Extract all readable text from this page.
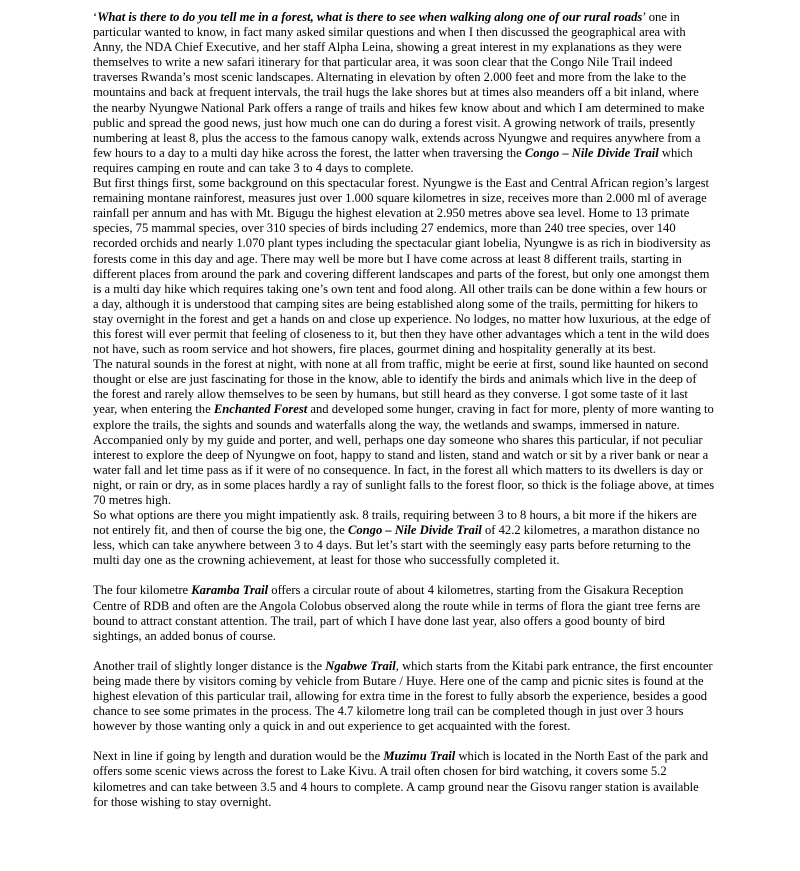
‘What is there to do you tell me in a forest, what is there to see when walking along one of our rural roads’ one in particular wanted to know, in fact many asked similar questions and when I then discussed the geographical area with Anny, the NDA Chief Executive, and her staff Alpha Leina, showing a great interest in my explanations as they were themselves to write a new safari itinerary for that particular area, it was soon clear that the Congo Nile Trail indeed traverses Rwanda’s most scenic landscapes. Alternating in elevation by often 2.000 feet and more from the lake to the mountains and back at frequent intervals, the trail hugs the lake shores but at times also meanders off a bit inland, where the nearby Nyungwe National Park offers a range of trails and hikes few know about and which I am determined to make public and spread the good news, just how much one can do during a forest visit. A growing network of trails, presently numbering at least 8, plus the access to the famous canopy walk, extends across Nyungwe and requires anywhere from a few hours to a day to a multi day hike across the forest, the latter when traversing the Congo – Nile Divide Trail which requires camping en route and can take 3 to 4 days to complete.

But first things first, some background on this spectacular forest. Nyungwe is the East and Central African region’s largest remaining montane rainforest, measures just over 1.000 square kilometres in size, receives more than 2.000 ml of average rainfall per annum and has with Mt. Bigugu the highest elevation at 2.950 metres above sea level. Home to 13 primate species, 75 mammal species, over 310 species of birds including 27 endemics, more than 240 tree species, over 140 recorded orchids and nearly 1.070 plant types including the spectacular giant lobelia, Nyungwe is as rich in biodiversity as forests come in this day and age. There may well be more but I have come across at least 8 different trails, starting in different places from around the park and covering different landscapes and parts of the forest, but only one amongst them is a multi day hike which requires taking one’s own tent and food along. All other trails can be done within a few hours or a day, although it is understood that camping sites are being established along some of the trails, permitting for hikers to stay overnight in the forest and get a hands on and close up experience. No lodges, no matter how luxurious, at the edge of this forest will ever permit that feeling of closeness to it, but then they have other advantages which a tent in the wild does not have, such as room service and hot showers, fire places, gourmet dining and hospitality generally at its best.

The natural sounds in the forest at night, with none at all from traffic, might be eerie at first, sound like haunted on second thought or else are just fascinating for those in the know, able to identify the birds and animals which live in the deep of the forest and rarely allow themselves to be seen by humans, but still heard as they converse. I got some taste of it last year, when entering the Enchanted Forest and developed some hunger, craving in fact for more, plenty of more wanting to explore the trails, the sights and sounds and waterfalls along the way, the wetlands and swamps, immersed in nature. Accompanied only by my guide and porter, and well, perhaps one day someone who shares this particular, if not peculiar interest to explore the deep of Nyungwe on foot, happy to stand and listen, stand and watch or sit by a river bank or near a water fall and let time pass as if it were of no consequence. In fact, in the forest all which matters to its dwellers is day or night, or rain or dry, as in some places hardly a ray of sunlight falls to the forest floor, so thick is the foliage above, at times 70 metres high.

So what options are there you might impatiently ask. 8 trails, requiring between 3 to 8 hours, a bit more if the hikers are not entirely fit, and then of course the big one, the Congo – Nile Divide Trail of 42.2 kilometres, a marathon distance no less, which can take anywhere between 3 to 4 days. But let’s start with the seemingly easy parts before returning to the multi day one as the crowning achievement, at least for those who successfully completed it.

The four kilometre Karamba Trail offers a circular route of about 4 kilometres, starting from the Gisakura Reception Centre of RDB and often are the Angola Colobus observed along the route while in terms of flora the giant tree ferns are bound to attract constant attention. The trail, part of which I have done last year, also offers a good bounty of bird sightings, an added bonus of course.

Another trail of slightly longer distance is the Ngabwe Trail, which starts from the Kitabi park entrance, the first encounter being made there by visitors coming by vehicle from Butare / Huye. Here one of the camp and picnic sites is found at the highest elevation of this particular trail, allowing for extra time in the forest to fully absorb the experience, besides a good chance to see some primates in the process. The 4.7 kilometre long trail can be completed though in just over 3 hours however by those wanting only a quick in and out experience to get acquainted with the forest.

Next in line if going by length and duration would be the Muzimu Trail which is located in the North East of the park and offers some scenic views across the forest to Lake Kivu. A trail often chosen for bird watching, it covers some 5.2 kilometres and can take between 3.5 and 4 hours to complete. A camp ground near the Gisovu ranger station is available for those wishing to stay overnight.
